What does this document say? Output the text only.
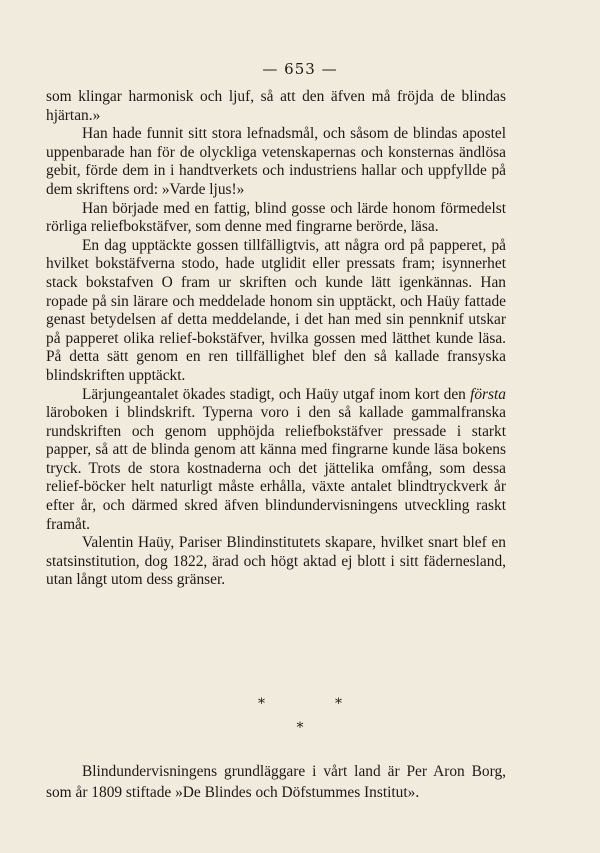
— 653 —

som klingar harmonisk och ljuf, så att den äfven må fröjda de blindas hjärtan.»

Han hade funnit sitt stora lefnadsmål, och såsom de blindas apostel uppenbarade han för de olyckliga vetenskapernas och konsternas ändlösa gebit, förde dem in i handtverkets och industriens hallar och uppfyllde på dem skriftens ord: »Varde ljus!»

Han började med en fattig, blind gosse och lärde honom förmedelst rörliga reliefbokstäfver, som denne med fingrarne berörde, läsa.

En dag upptäckte gossen tillfälligtvis, att några ord på papperet, på hvilket bokstäfverna stodo, hade utglidit eller pressats fram; isynnerhet stack bokstafven O fram ur skriften och kunde lätt igenkännas. Han ropade på sin lärare och meddelade honom sin upptäckt, och Haüy fattade genast betydelsen af detta meddelande, i det han med sin pennknif utskar på papperet olika relief-bokstäfver, hvilka gossen med lätthet kunde läsa. På detta sätt genom en ren tillfällighet blef den så kallade fransyska blindskriften upptäckt.

Lärjungeantalet ökades stadigt, och Haüy utgaf inom kort den första läroboken i blindskrift. Typerna voro i den så kallade gammalfranska rundskriften och genom upphöjda reliefbokstäfver pressade i starkt papper, så att de blinda genom att känna med fingrarne kunde läsa bokens tryck. Trots de stora kostnaderna och det jättelika omfång, som dessa relief-böcker helt naturligt måste erhålla, växte antalet blindtryckverk år efter år, och därmed skred äfven blindundervisningens utveckling raskt framåt.

Valentin Haüy, Pariser Blindinstitutets skapare, hvilket snart blef en statsinstitution, dog 1822, ärad och högt aktad ej blott i sitt fädernesland, utan långt utom dess gränser.

*	*
*

Blindundervisningens grundläggare i vårt land är Per Aron Borg, som år 1809 stiftade »De Blindes och Döfstummes Institut».
